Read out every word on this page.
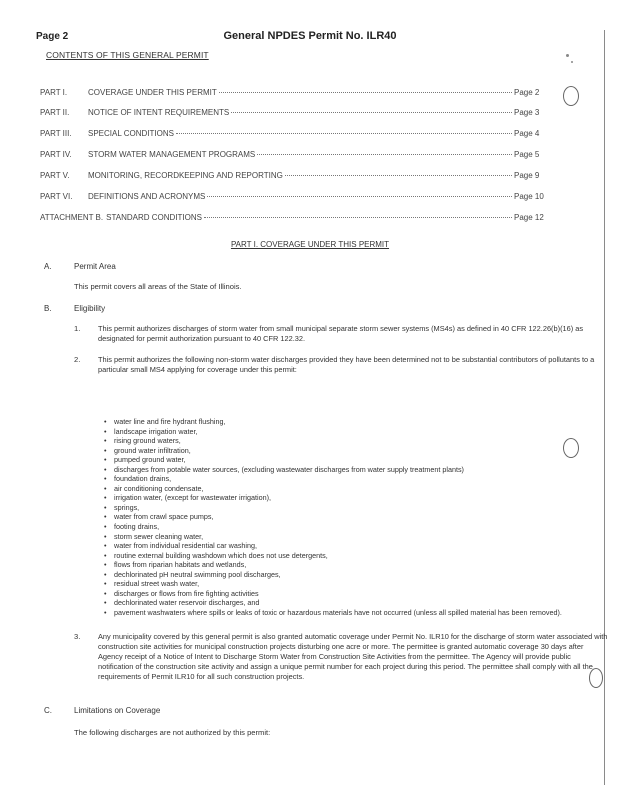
Page 2	General NPDES Permit No. ILR40
CONTENTS OF THIS GENERAL PERMIT
PART I.	COVERAGE UNDER THIS PERMIT	Page 2
PART II.	NOTICE OF INTENT REQUIREMENTS	Page 3
PART III.	SPECIAL CONDITIONS	Page 4
PART IV.	STORM WATER MANAGEMENT PROGRAMS	Page 5
PART V.	MONITORING, RECORDKEEPING AND REPORTING	Page 9
PART VI.	DEFINITIONS AND ACRONYMS	Page 10
ATTACHMENT B. STANDARD CONDITIONS	Page 12
PART I. COVERAGE UNDER THIS PERMIT
A.	Permit Area
This permit covers all areas of the State of Illinois.
B.	Eligibility
1. This permit authorizes discharges of storm water from small municipal separate storm sewer systems (MS4s) as defined in 40 CFR 122.26(b)(16) as designated for permit authorization pursuant to 40 CFR 122.32.
2. This permit authorizes the following non-storm water discharges provided they have been determined not to be substantial contributors of pollutants to a particular small MS4 applying for coverage under this permit:
• water line and fire hydrant flushing,
• landscape irrigation water,
• rising ground waters,
• ground water infiltration,
• pumped ground water,
• discharges from potable water sources, (excluding wastewater discharges from water supply treatment plants)
• foundation drains,
• air conditioning condensate,
• irrigation water, (except for wastewater irrigation),
• springs,
• water from crawl space pumps,
• footing drains,
• storm sewer cleaning water,
• water from individual residential car washing,
• routine external building washdown which does not use detergents,
• flows from riparian habitats and wetlands,
• dechlorinated pH neutral swimming pool discharges,
• residual street wash water,
• discharges or flows from fire fighting activities
• dechlorinated water reservoir discharges, and
• pavement washwaters where spills or leaks of toxic or hazardous materials have not occurred (unless all spilled material has been removed).
3. Any municipality covered by this general permit is also granted automatic coverage under Permit No. ILR10 for the discharge of storm water associated with construction site activities for municipal construction projects disturbing one acre or more. The permittee is granted automatic coverage 30 days after Agency receipt of a Notice of Intent to Discharge Storm Water from Construction Site Activities from the permittee. The Agency will provide public notification of the construction site activity and assign a unique permit number for each project during this period. The permittee shall comply with all the requirements of Permit ILR10 for all such construction projects.
C.	Limitations on Coverage
The following discharges are not authorized by this permit:
